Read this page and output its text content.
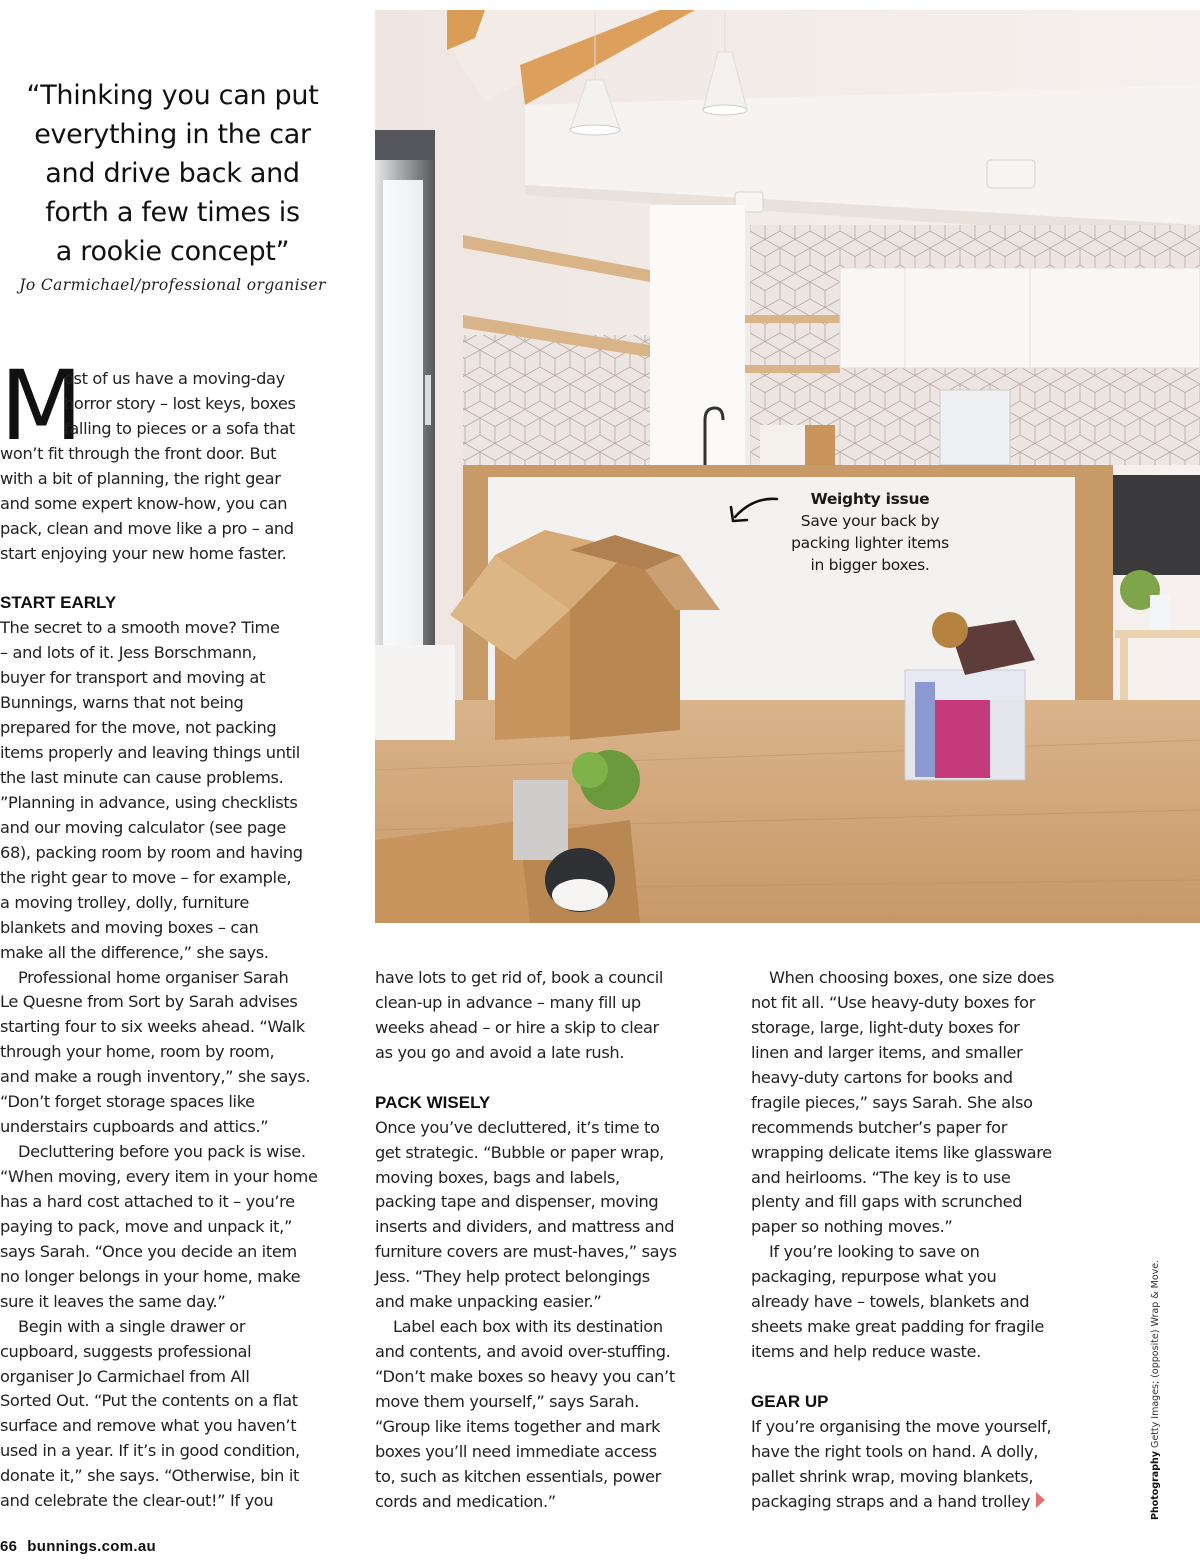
“Thinking you can put
everything in the car
and drive back and
forth a few times is
a rookie concept”
Jo Carmichael/professional organiser
M
ost of us have a moving-day
horror story – lost keys, boxes
falling to pieces or a sofa that
won’t fit through the front door. But
with a bit of planning, the right gear
and some expert know-how, you can
pack, clean and move like a pro – and
start enjoying your new home faster.
START EARLY
The secret to a smooth move? Time
– and lots of it. Jess Borschmann,
buyer for transport and moving at
Bunnings, warns that not being
prepared for the move, not packing
items properly and leaving things until
the last minute can cause problems.
”Planning in advance, using checklists
and our moving calculator (see page
68), packing room by room and having
the right gear to move – for example,
a moving trolley, dolly, furniture
blankets and moving boxes – can
make all the difference,” she says.
Professional home organiser Sarah
Le Quesne from Sort by Sarah advises
starting four to six weeks ahead. “Walk
through your home, room by room,
and make a rough inventory,” she says.
“Don’t forget storage spaces like
understairs cupboards and attics.”
Decluttering before you pack is wise.
“When moving, every item in your home
has a hard cost attached to it – you’re
paying to pack, move and unpack it,”
says Sarah. “Once you decide an item
no longer belongs in your home, make
sure it leaves the same day.”
Begin with a single drawer or
cupboard, suggests professional
organiser Jo Carmichael from All
Sorted Out. “Put the contents on a flat
surface and remove what you haven’t
used in a year. If it’s in good condition,
donate it,” she says. “Otherwise, bin it
and celebrate the clear-out!” If you
have lots to get rid of, book a council
clean-up in advance – many fill up
weeks ahead – or hire a skip to clear
as you go and avoid a late rush.
PACK WISELY
Once you’ve decluttered, it’s time to
get strategic. “Bubble or paper wrap,
moving boxes, bags and labels,
packing tape and dispenser, moving
inserts and dividers, and mattress and
furniture covers are must-haves,” says
Jess. “They help protect belongings
and make unpacking easier.”
Label each box with its destination
and contents, and avoid over-stuffing.
“Don’t make boxes so heavy you can’t
move them yourself,” says Sarah.
“Group like items together and mark
boxes you’ll need immediate access
to, such as kitchen essentials, power
cords and medication.”
When choosing boxes, one size does
not fit all. “Use heavy-duty boxes for
storage, large, light-duty boxes for
linen and larger items, and smaller
heavy-duty cartons for books and
fragile pieces,” says Sarah. She also
recommends butcher’s paper for
wrapping delicate items like glassware
and heirlooms. “The key is to use
plenty and fill gaps with scrunched
paper so nothing moves.”
If you’re looking to save on
packaging, repurpose what you
already have – towels, blankets and
sheets make great padding for fragile
items and help reduce waste.
GEAR UP
If you’re organising the move yourself,
have the right tools on hand. A dolly,
pallet shrink wrap, moving blankets,
packaging straps and a hand trolley
Weighty issue
Save your back by
packing lighter items
in bigger boxes.
Photography Getty Images; (opposite) Wrap & Move.
66 bunnings.com.au
